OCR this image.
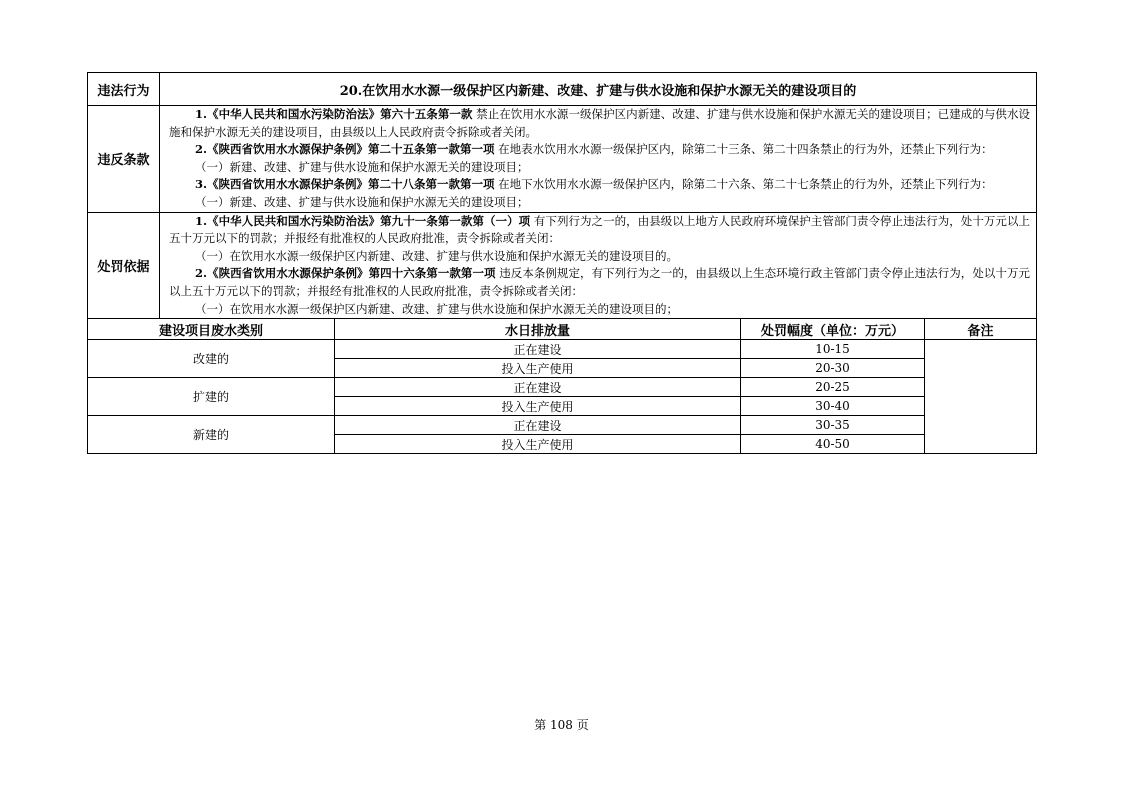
违法行为	20.在饮用水水源一级保护区内新建、改建、扩建与供水设施和保护水源无关的建设项目的			
违反条款	1.《中华人民共和国水污染防治法》第六十五条第一款 禁止在饮用水水源一级保护区内新建、改建、扩建与供水设施和保护水源无关的建设项目；已建成的与供水设施和保护水源无关的建设项目，由县级以上人民政府责令拆除或者关闭。

2.《陕西省饮用水水源保护条例》第二十五条第一款第一项 在地表水饮用水水源一级保护区内，除第二十三条、第二十四条禁止的行为外，还禁止下列行为：

（一）新建、改建、扩建与供水设施和保护水源无关的建设项目；

3.《陕西省饮用水水源保护条例》第二十八条第一款第一项 在地下水饮用水水源一级保护区内，除第二十六条、第二十七条禁止的行为外，还禁止下列行为：

（一）新建、改建、扩建与供水设施和保护水源无关的建设项目；			

处罚依据	1.《中华人民共和国水污染防治法》第九十一条第一款第（一）项 有下列行为之一的，由县级以上地方人民政府环境保护主管部门责令停止违法行为，处十万元以上五十万元以下的罚款；并报经有批准权的人民政府批准，责令拆除或者关闭：

（一）在饮用水水源一级保护区内新建、改建、扩建与供水设施和保护水源无关的建设项目的。

2.《陕西省饮用水水源保护条例》第四十六条第一款第一项 违反本条例规定，有下列行为之一的，由县级以上生态环境行政主管部门责令停止违法行为，处以十万元以上五十万元以下的罚款；并报经有批准权的人民政府批准，责令拆除或者关闭：

（一）在饮用水水源一级保护区内新建、改建、扩建与供水设施和保护水源无关的建设项目的；			

建设项目废水类别		水日排放量	处罚幅度（单位：万元）	备注
改建的		正在建设	10-15	
		投入生产使用	20-30	
扩建的		正在建设	20-25	
		投入生产使用	30-40	
新建的		正在建设	30-35	
		投入生产使用	40-50	
第 108 页
